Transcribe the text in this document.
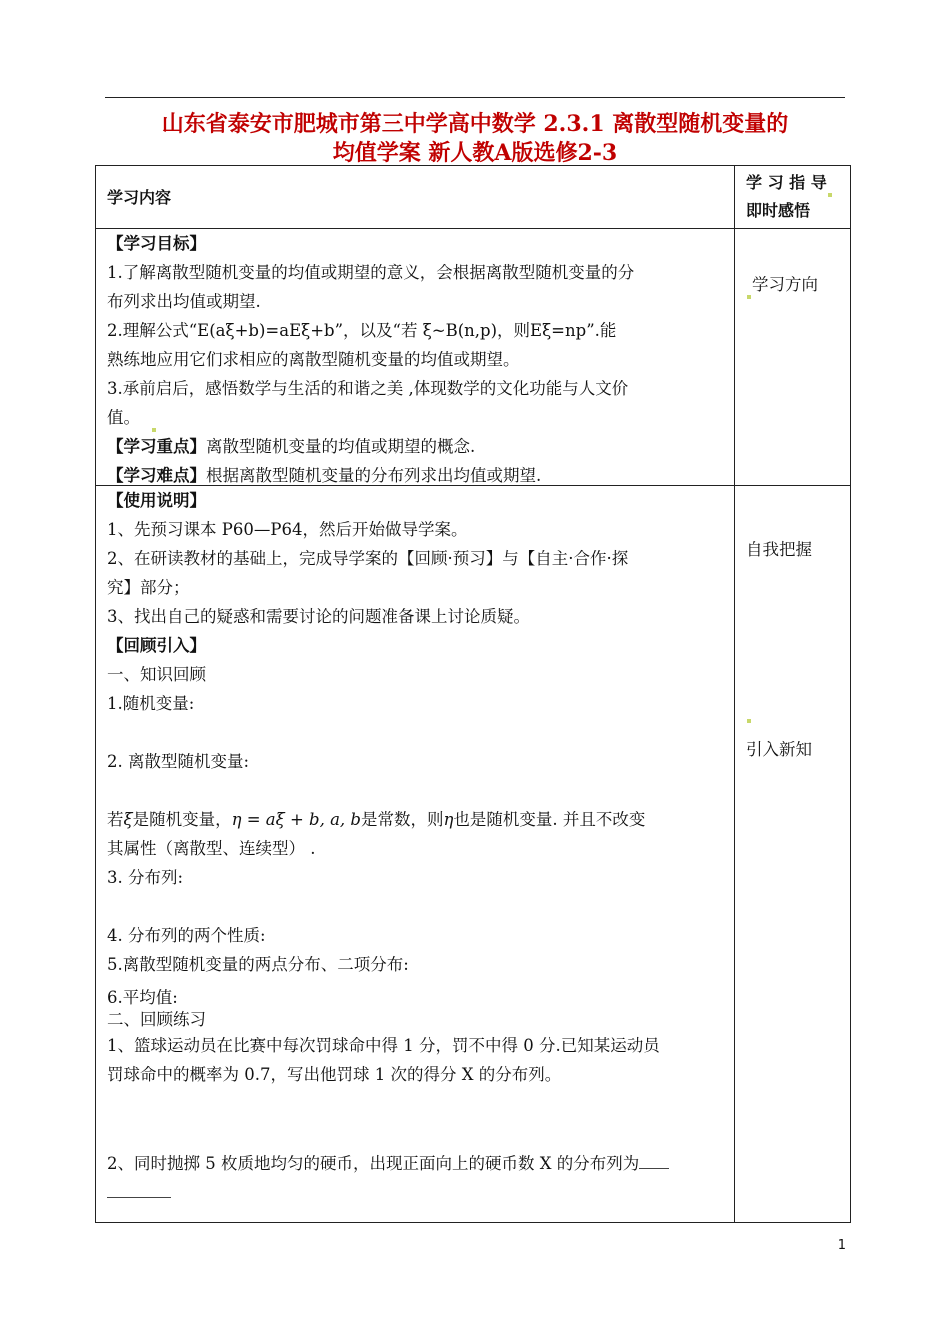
山东省泰安市肥城市第三中学高中数学 2.3.1 离散型随机变量的
均值学案 新人教A版选修2-3
学习内容
学 习 指 导
即时感悟
【学习目标】
1.了解离散型随机变量的均值或期望的意义，会根据离散型随机变量的分
布列求出均值或期望.
2.理解公式“E(aξ+b)=aEξ+b”，以及“若 ξ~B(n,p)，则Eξ=np”.能
熟练地应用它们求相应的离散型随机变量的均值或期望。
3.承前启后，感悟数学与生活的和谐之美 ,体现数学的文化功能与人文价
值。
【学习重点】离散型随机变量的均值或期望的概念.
【学习难点】根据离散型随机变量的分布列求出均值或期望.
学习方向
【使用说明】
1、先预习课本 P60—P64，然后开始做导学案。
2、在研读教材的基础上，完成导学案的【回顾·预习】与【自主·合作·探
究】部分；
3、找出自己的疑惑和需要讨论的问题准备课上讨论质疑。
【回顾引入】
一、知识回顾
1.随机变量:
2. 离散型随机变量:
若ξ是随机变量，η = aξ + b, a, b是常数，则η也是随机变量. 并且不改变
其属性（离散型、连续型） .
3. 分布列:
4. 分布列的两个性质:
5.离散型随机变量的两点分布、二项分布:
6.平均值:
二、回顾练习
1、篮球运动员在比赛中每次罚球命中得 1 分，罚不中得 0 分.已知某运动员
罚球命中的概率为 0.7，写出他罚球 1 次的得分 X 的分布列。
2、同时抛掷 5 枚质地均匀的硬币，出现正面向上的硬币数 X 的分布列为
自我把握
引入新知
1
